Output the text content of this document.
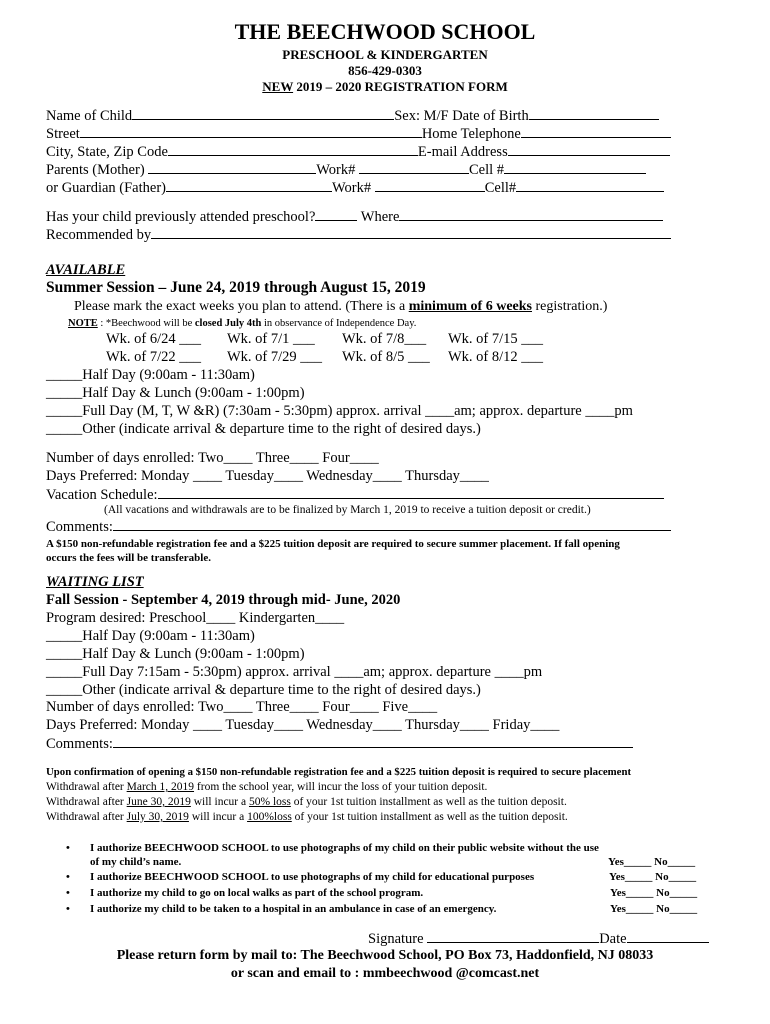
THE BEECHWOOD SCHOOL
PRESCHOOL & KINDERGARTEN
856-429-0303
NEW 2019 – 2020 REGISTRATION FORM
Name of Child	Sex: M/F Date of Birth
Street	Home Telephone
City, State, Zip Code	E-mail Address
Parents (Mother)	Work#	Cell #
or Guardian (Father)	Work#	Cell#
Has your child previously attended preschool?	Where
Recommended by
AVAILABLE
Summer Session – June 24, 2019 through August 15, 2019
Please mark the exact weeks you plan to attend. (There is a minimum of 6 weeks registration.)
NOTE : *Beechwood will be closed July 4th in observance of Independence Day.
Wk. of 6/24 ___ Wk. of 7/1 ___ Wk. of 7/8___ Wk. of 7/15 ___
Wk. of 7/22 ___ Wk. of 7/29 ___ Wk. of 8/5 ___ Wk. of 8/12 ___
_____Half Day (9:00am - 11:30am)
_____Half Day & Lunch (9:00am - 1:00pm)
_____Full Day (M, T, W &R) (7:30am - 5:30pm) approx. arrival ____am; approx. departure ____pm
_____Other (indicate arrival & departure time to the right of desired days.)
Number of days enrolled: Two____ Three____ Four____
Days Preferred: Monday ____ Tuesday____ Wednesday____ Thursday____
Vacation Schedule:
(All vacations and withdrawals are to be finalized by March 1, 2019 to receive a tuition deposit or credit.)
Comments:
A $150 non-refundable registration fee and a $225 tuition deposit are required to secure summer placement. If fall opening
occurs the fees will be transferable.
WAITING LIST
Fall Session - September 4, 2019 through mid- June, 2020
Program desired: Preschool____ Kindergarten____
_____Half Day (9:00am - 11:30am)
_____Half Day & Lunch (9:00am - 1:00pm)
_____Full Day 7:15am - 5:30pm) approx. arrival ____am; approx. departure ____pm
_____Other (indicate arrival & departure time to the right of desired days.)
Number of days enrolled: Two____ Three____ Four____ Five____
Days Preferred: Monday ____ Tuesday____ Wednesday____ Thursday____ Friday____
Comments:
Upon confirmation of opening a $150 non-refundable registration fee and a $225 tuition deposit is required to secure placement
Withdrawal after March 1, 2019 from the school year, will incur the loss of your tuition deposit.
Withdrawal after June 30, 2019 will incur a 50% loss of your 1st tuition installment as well as the tuition deposit.
Withdrawal after July 30, 2019 will incur a 100%loss of your 1st tuition installment as well as the tuition deposit.
• I authorize BEECHWOOD SCHOOL to use photographs of my child on their public website without the use
of my child’s name.	Yes_____ No_____
• I authorize BEECHWOOD SCHOOL to use photographs of my child for educational purposes	Yes_____ No_____
• I authorize my child to go on local walks as part of the school program.	Yes_____ No_____
• I authorize my child to be taken to a hospital in an ambulance in case of an emergency.	Yes_____ No_____
Signature	Date
Please return form by mail to: The Beechwood School, PO Box 73, Haddonfield, NJ 08033
or scan and email to : mmbeechwood @comcast.net
